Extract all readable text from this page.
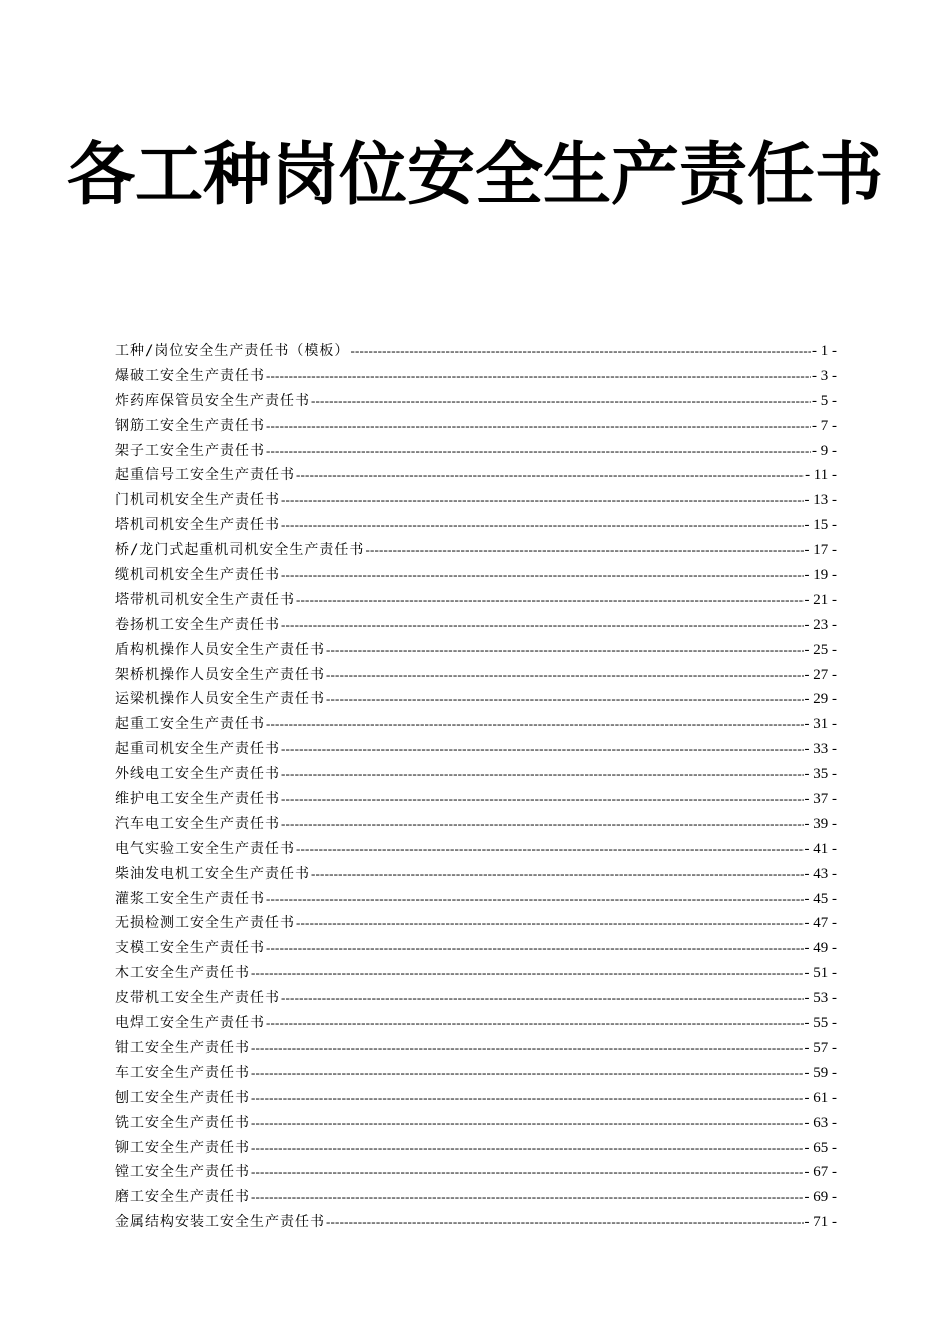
各工种岗位安全生产责任书
工种/岗位安全生产责任书（模板） -----	- 1 -
爆破工安全生产责任书 -----	- 3 -
炸药库保管员安全生产责任书 -----	- 5 -
钢筋工安全生产责任书 -----	- 7 -
架子工安全生产责任书 -----	- 9 -
起重信号工安全生产责任书 -----	- 11 -
门机司机安全生产责任书 -----	- 13 -
塔机司机安全生产责任书 -----	- 15 -
桥/龙门式起重机司机安全生产责任书 -----	- 17 -
缆机司机安全生产责任书 -----	- 19 -
塔带机司机安全生产责任书 -----	- 21 -
卷扬机工安全生产责任书 -----	- 23 -
盾构机操作人员安全生产责任书 -----	- 25 -
架桥机操作人员安全生产责任书 -----	- 27 -
运梁机操作人员安全生产责任书 -----	- 29 -
起重工安全生产责任书 -----	- 31 -
起重司机安全生产责任书 -----	- 33 -
外线电工安全生产责任书 -----	- 35 -
维护电工安全生产责任书 -----	- 37 -
汽车电工安全生产责任书 -----	- 39 -
电气实验工安全生产责任书 -----	- 41 -
柴油发电机工安全生产责任书 -----	- 43 -
灌浆工安全生产责任书 -----	- 45 -
无损检测工安全生产责任书 -----	- 47 -
支模工安全生产责任书 -----	- 49 -
木工安全生产责任书 -----	- 51 -
皮带机工安全生产责任书 -----	- 53 -
电焊工安全生产责任书 -----	- 55 -
钳工安全生产责任书 -----	- 57 -
车工安全生产责任书 -----	- 59 -
刨工安全生产责任书 -----	- 61 -
铣工安全生产责任书 -----	- 63 -
铆工安全生产责任书 -----	- 65 -
镗工安全生产责任书 -----	- 67 -
磨工安全生产责任书 -----	- 69 -
金属结构安装工安全生产责任书 -----	- 71 -
